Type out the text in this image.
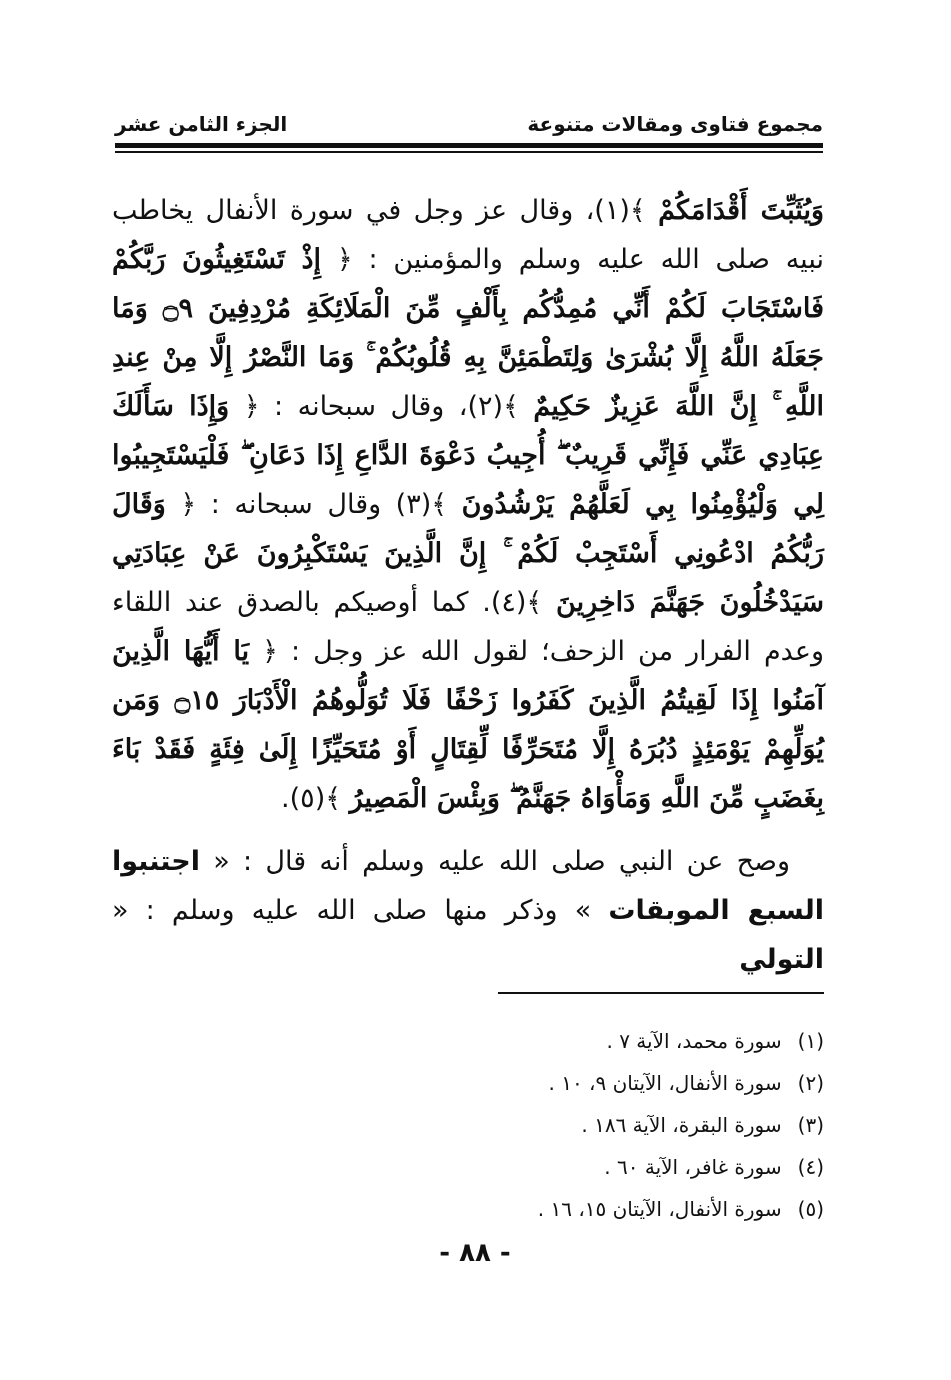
مجموع فتاوى ومقالات متنوعة
الجزء الثامن عشر

وَيُثَبِّتَ أَقْدَامَكُمْ ﴾(١)، وقال عز وجل في سورة الأنفال يخاطب نبيه صلى الله عليه وسلم والمؤمنين : ﴿ إِذْ تَسْتَغِيثُونَ رَبَّكُمْ فَاسْتَجَابَ لَكُمْ أَنِّي مُمِدُّكُم بِأَلْفٍ مِّنَ الْمَلَائِكَةِ مُرْدِفِينَ ۝٩ وَمَا جَعَلَهُ اللَّهُ إِلَّا بُشْرَىٰ وَلِتَطْمَئِنَّ بِهِ قُلُوبُكُمْ ۚ وَمَا النَّصْرُ إِلَّا مِنْ عِندِ اللَّهِ ۚ إِنَّ اللَّهَ عَزِيزٌ حَكِيمٌ ﴾(٢)، وقال سبحانه : ﴿ وَإِذَا سَأَلَكَ عِبَادِي عَنِّي فَإِنِّي قَرِيبٌ ۖ أُجِيبُ دَعْوَةَ الدَّاعِ إِذَا دَعَانِ ۖ فَلْيَسْتَجِيبُوا لِي وَلْيُؤْمِنُوا بِي لَعَلَّهُمْ يَرْشُدُونَ ﴾(٣) وقال سبحانه : ﴿ وَقَالَ رَبُّكُمُ ادْعُونِي أَسْتَجِبْ لَكُمْ ۚ إِنَّ الَّذِينَ يَسْتَكْبِرُونَ عَنْ عِبَادَتِي سَيَدْخُلُونَ جَهَنَّمَ دَاخِرِينَ ﴾(٤). كما أوصيكم بالصدق عند اللقاء وعدم الفرار من الزحف؛ لقول الله عز وجل : ﴿ يَا أَيُّهَا الَّذِينَ آمَنُوا إِذَا لَقِيتُمُ الَّذِينَ كَفَرُوا زَحْفًا فَلَا تُوَلُّوهُمُ الْأَدْبَارَ ۝١٥ وَمَن يُوَلِّهِمْ يَوْمَئِذٍ دُبُرَهُ إِلَّا مُتَحَرِّفًا لِّقِتَالٍ أَوْ مُتَحَيِّزًا إِلَىٰ فِئَةٍ فَقَدْ بَاءَ بِغَضَبٍ مِّنَ اللَّهِ وَمَأْوَاهُ جَهَنَّمُ ۖ وَبِئْسَ الْمَصِيرُ ﴾(٥).

وصح عن النبي صلى الله عليه وسلم أنه قال : « اجتنبوا السبع الموبقات » وذكر منها صلى الله عليه وسلم : « التولي

(١) سورة محمد، الآية ٧ .
(٢) سورة الأنفال، الآيتان ٩، ١٠ .
(٣) سورة البقرة، الآية ١٨٦ .
(٤) سورة غافر، الآية ٦٠ .
(٥) سورة الأنفال، الآيتان ١٥، ١٦ .
- ٨٨ -
